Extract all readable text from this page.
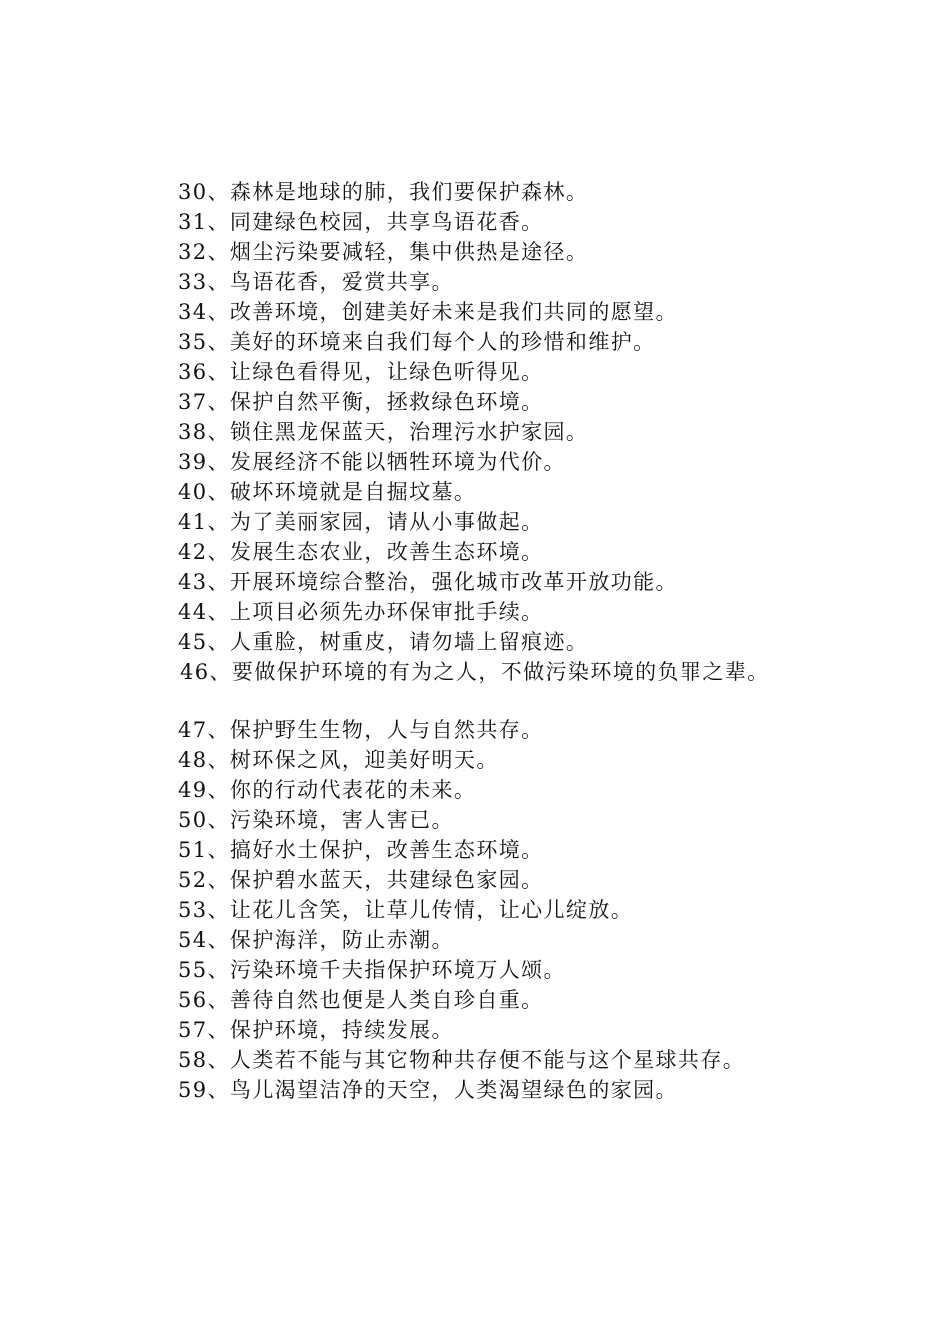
30、森林是地球的肺，我们要保护森林。
31、同建绿色校园，共享鸟语花香。
32、烟尘污染要减轻，集中供热是途径。
33、鸟语花香，爱赏共享。
34、改善环境，创建美好未来是我们共同的愿望。
35、美好的环境来自我们每个人的珍惜和维护。
36、让绿色看得见，让绿色听得见。
37、保护自然平衡，拯救绿色环境。
38、锁住黑龙保蓝天，治理污水护家园。
39、发展经济不能以牺牲环境为代价。
40、破坏环境就是自掘坟墓。
41、为了美丽家园，请从小事做起。
42、发展生态农业，改善生态环境。
43、开展环境综合整治，强化城市改革开放功能。
44、上项目必须先办环保审批手续。
45、人重脸，树重皮，请勿墙上留痕迹。
46、要做保护环境的有为之人，不做污染环境的负罪之辈。
47、保护野生生物，人与自然共存。
48、树环保之风，迎美好明天。
49、你的行动代表花的未来。
50、污染环境，害人害已。
51、搞好水土保护，改善生态环境。
52、保护碧水蓝天，共建绿色家园。
53、让花儿含笑，让草儿传情，让心儿绽放。
54、保护海洋，防止赤潮。
55、污染环境千夫指保护环境万人颂。
56、善待自然也便是人类自珍自重。
57、保护环境，持续发展。
58、人类若不能与其它物种共存便不能与这个星球共存。
59、鸟儿渴望洁净的天空，人类渴望绿色的家园。
